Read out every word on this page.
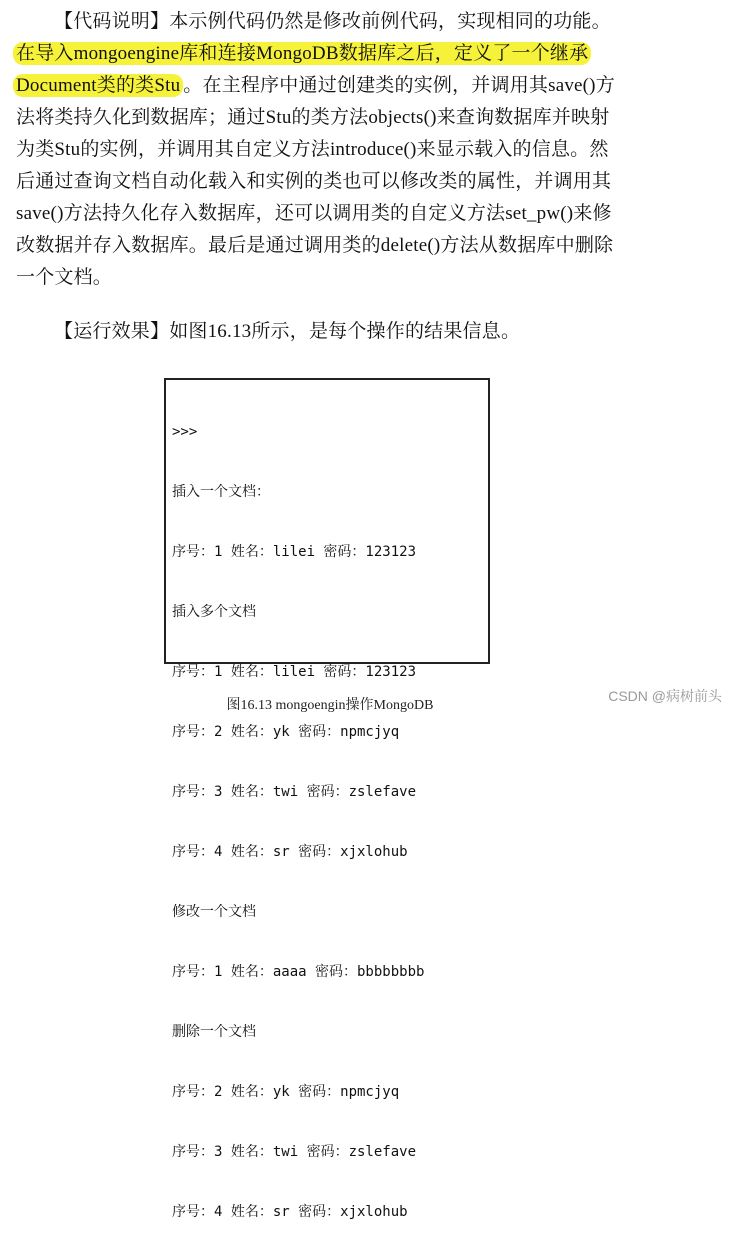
【代码说明】本示例代码仍然是修改前例代码，实现相同的功能。
在导入mongoengine库和连接MongoDB数据库之后，定义了一个继承
Document类的类Stu 。在主程序中通过创建类的实例，并调用其save()方
法将类持久化到数据库；通过Stu的类方法objects()来查询数据库并映射
为类Stu的实例，并调用其自定义方法introduce()来显示载入的信息。然
后通过查询文档自动化载入和实例的类也可以修改类的属性，并调用其
save()方法持久化存入数据库，还可以调用类的自定义方法set_pw()来修
改数据并存入数据库。最后是通过调用类的delete()方法从数据库中删除
一个文档。
【运行效果】如图16.13所示，是每个操作的结果信息。

>>>

插入一个文档：

序号：1 姓名：lilei 密码：123123

插入多个文档

序号：1 姓名：lilei 密码：123123

序号：2 姓名：yk 密码：npmcjyq

序号：3 姓名：twi 密码：zslefave

序号：4 姓名：sr 密码：xjxlohub

修改一个文档

序号：1 姓名：aaaa 密码：bbbbbbbb

删除一个文档

序号：2 姓名：yk 密码：npmcjyq

序号：3 姓名：twi 密码：zslefave

序号：4 姓名：sr 密码：xjxlohub

图16.13 mongoengin操作MongoDB
CSDN @病树前头
